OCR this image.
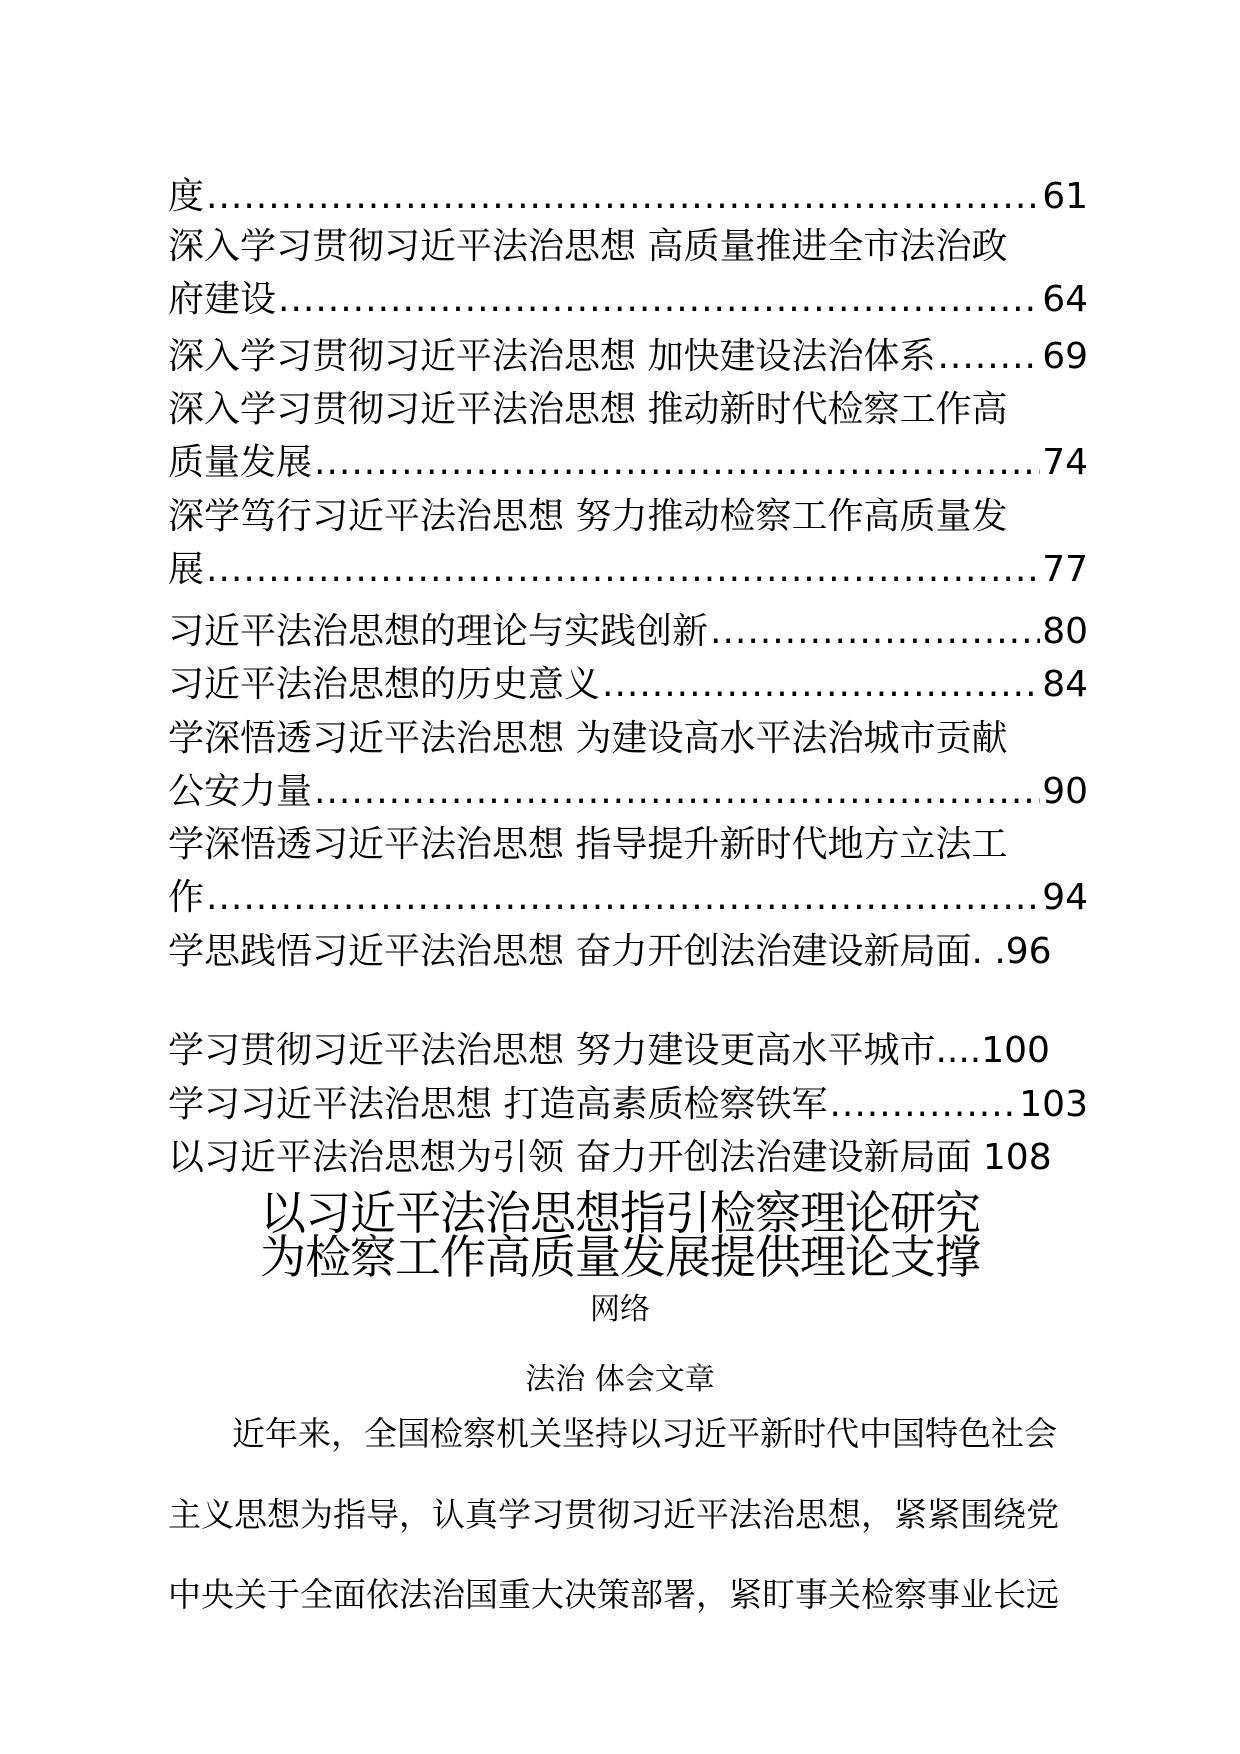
度 .....	61
深入学习贯彻习近平法治思想 高质量推进全市法治政
府建设 .....	64
深入学习贯彻习近平法治思想 加快建设法治体系 .....	69
深入学习贯彻习近平法治思想 推动新时代检察工作高
质量发展 .....	74
深学笃行习近平法治思想 努力推动检察工作高质量发
展 .....	77
习近平法治思想的理论与实践创新 .....	80
习近平法治思想的历史意义 .....	84
学深悟透习近平法治思想 为建设高水平法治城市贡献
公安力量 .....	90
学深悟透习近平法治思想 指导提升新时代地方立法工
作 .....	94
学思践悟习近平法治思想 奋力开创法治建设新局面. .96
学习贯彻习近平法治思想 努力建设更高水平城市....100
学习习近平法治思想 打造高素质检察铁军 .....	103
以习近平法治思想为引领 奋力开创法治建设新局面 108
以习近平法治思想指引检察理论研究
为检察工作高质量发展提供理论支撑
网络
法治 体会文章
近年来，全国检察机关坚持以习近平新时代中国特色社会
主义思想为指导，认真学习贯彻习近平法治思想，紧紧围绕党
中央关于全面依法治国重大决策部署，紧盯事关检察事业长远
